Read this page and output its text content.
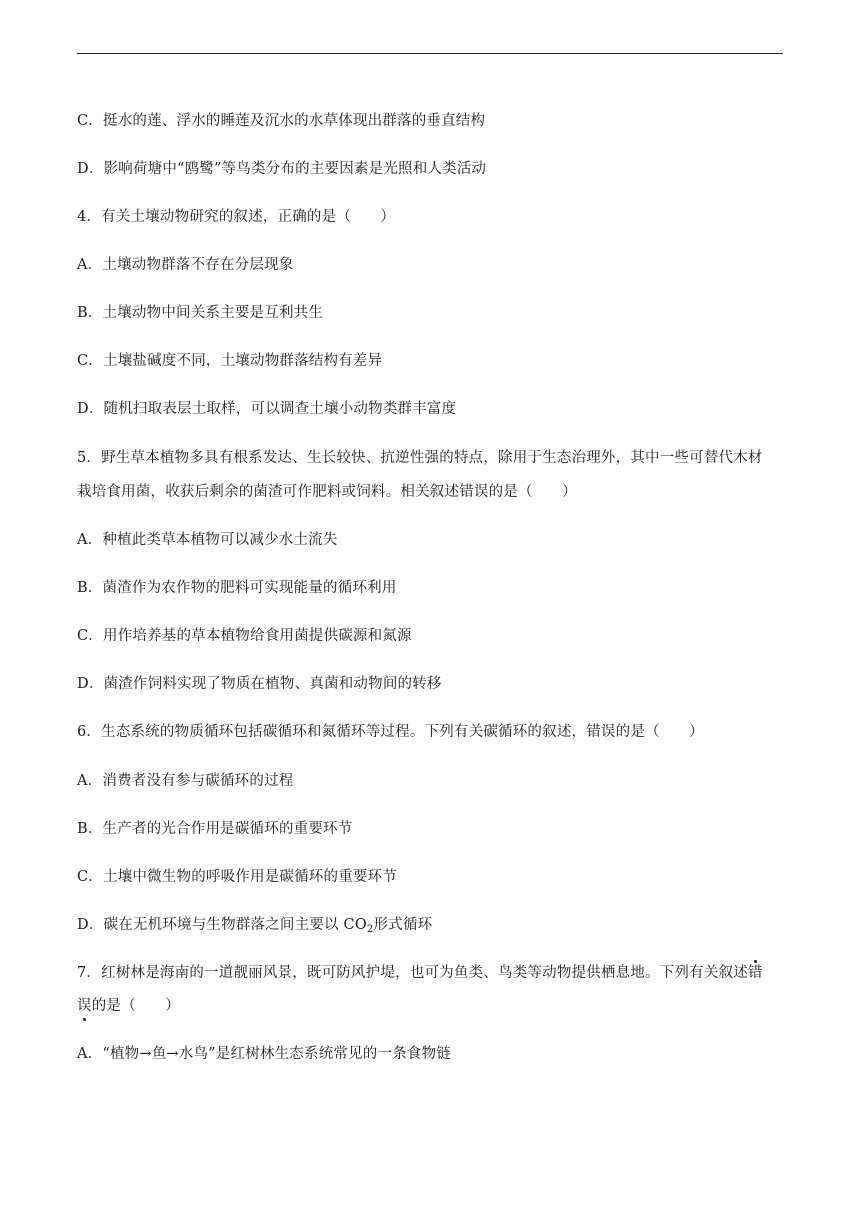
C．挺水的莲、浮水的睡莲及沉水的水草体现出群落的垂直结构
D．影响荷塘中“鸥鹭”等鸟类分布的主要因素是光照和人类活动
4．有关土壤动物研究的叙述，正确的是（　　）
A．土壤动物群落不存在分层现象
B．土壤动物中间关系主要是互利共生
C．土壤盐碱度不同，土壤动物群落结构有差异
D．随机扫取表层土取样，可以调查土壤小动物类群丰富度
5．野生草本植物多具有根系发达、生长较快、抗逆性强的特点，除用于生态治理外，其中一些可替代木材
栽培食用菌，收获后剩余的菌渣可作肥料或饲料。相关叙述错误的是（　　）
A．种植此类草本植物可以减少水土流失
B．菌渣作为农作物的肥料可实现能量的循环利用
C．用作培养基的草本植物给食用菌提供碳源和氮源
D．菌渣作饲料实现了物质在植物、真菌和动物间的转移
6．生态系统的物质循环包括碳循环和氮循环等过程。下列有关碳循环的叙述，错误的是（　　）
A．消费者没有参与碳循环的过程
B．生产者的光合作用是碳循环的重要环节
C．土壤中微生物的呼吸作用是碳循环的重要环节
D．碳在无机环境与生物群落之间主要以 $CO_2$形式循环
7．红树林是海南的一道靓丽风景，既可防风护堤，也可为鱼类、鸟类等动物提供栖息地。下列有关叙述错
误的是（　　）
A．“植物→鱼→水鸟”是红树林生态系统常见的一条食物链
